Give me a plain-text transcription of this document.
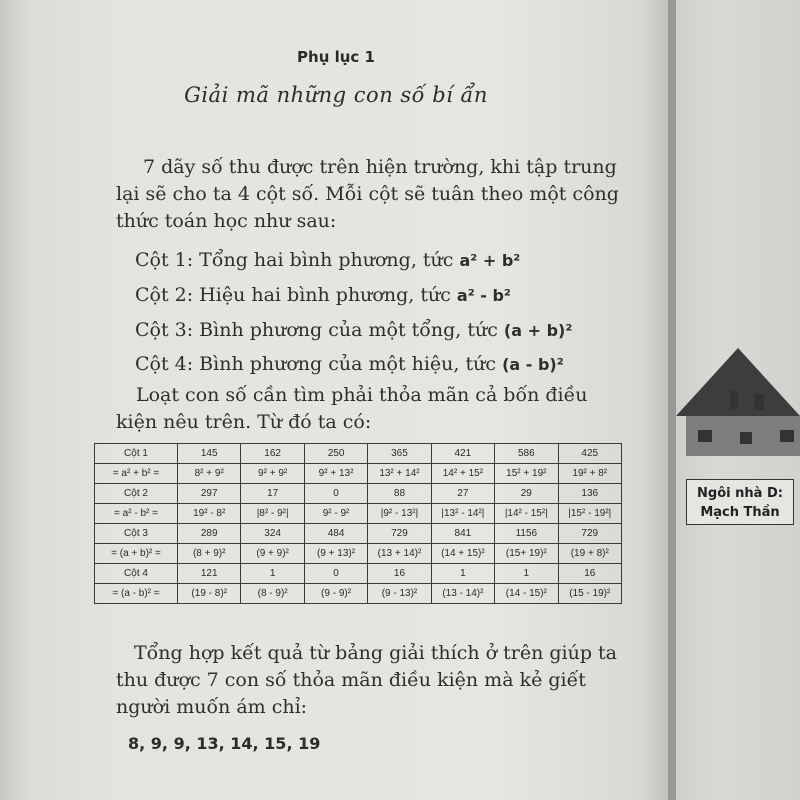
Phụ lục 1
Giải mã những con số bí ẩn

7 dãy số thu được trên hiện trường, khi tập trung lại sẽ cho ta 4 cột số. Mỗi cột sẽ tuân theo một công thức toán học như sau:

Cột 1: Tổng hai bình phương, tức a² + b²
Cột 2: Hiệu hai bình phương, tức a² - b²
Cột 3: Bình phương của một tổng, tức (a + b)²
Cột 4: Bình phương của một hiệu, tức (a - b)²

Loạt con số cần tìm phải thỏa mãn cả bốn điều kiện nêu trên. Từ đó ta có:

Cột 1	145	162	250	365	421	586	425
= a² + b² =	8² + 9²	9² + 9²	9² + 13²	13² + 14²	14² + 15²	15² + 19²	19² + 8²
Cột 2	297	17	0	88	27	29	136
= a² - b² =	19² - 8²	|8² - 9²|	9² - 9²	|9² - 13²|	|13² - 14²|	|14² - 15²|	|15² - 19²|
Cột 3	289	324	484	729	841	1156	729
= (a + b)² =	(8 + 9)²	(9 + 9)²	(9 + 13)²	(13 + 14)²	(14 + 15)²	(15+ 19)²	(19 + 8)²
Cột 4	121	1	0	16	1	1	16
= (a - b)² =	(19 - 8)²	(8 - 9)²	(9 - 9)²	(9 - 13)²	(13 - 14)²	(14 - 15)²	(15 - 19)²

Tổng hợp kết quả từ bảng giải thích ở trên giúp ta thu được 7 con số thỏa mãn điều kiện mà kẻ giết người muốn ám chỉ:

8, 9, 9, 13, 14, 15, 19
Ngôi nhà D:
Mạch Thần
